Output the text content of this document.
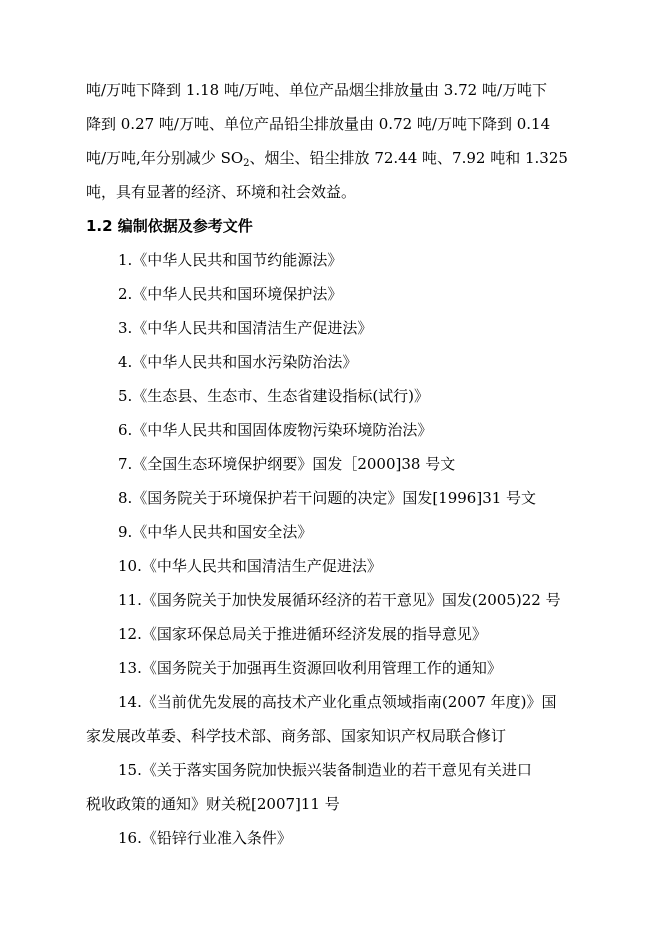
吨/万吨下降到 1.18 吨/万吨、单位产品烟尘排放量由 3.72 吨/万吨下
降到 0.27 吨/万吨、单位产品铅尘排放量由 0.72 吨/万吨下降到 0.14
吨/万吨,年分别减少 $SO_2$、烟尘、铅尘排放 72.44 吨、7.92 吨和 1.325
吨，具有显著的经济、环境和社会效益。
1.2 编制依据及参考文件
1.《中华人民共和国节约能源法》
2.《中华人民共和国环境保护法》
3.《中华人民共和国清洁生产促进法》
4.《中华人民共和国水污染防治法》
5.《生态县、生态市、生态省建设指标(试行)》
6.《中华人民共和国固体废物污染环境防治法》
7.《全国生态环境保护纲要》国发［2000]38 号文
8.《国务院关于环境保护若干问题的决定》国发[1996]31 号文
9.《中华人民共和国安全法》
10.《中华人民共和国清洁生产促进法》
11.《国务院关于加快发展循环经济的若干意见》国发(2005)22 号
12.《国家环保总局关于推进循环经济发展的指导意见》
13.《国务院关于加强再生资源回收利用管理工作的通知》
14.《当前优先发展的高技术产业化重点领域指南(2007 年度)》国
家发展改革委、科学技术部、商务部、国家知识产权局联合修订
15.《关于落实国务院加快振兴装备制造业的若干意见有关进口
税收政策的通知》财关税[2007]11 号
16.《铅锌行业准入条件》
